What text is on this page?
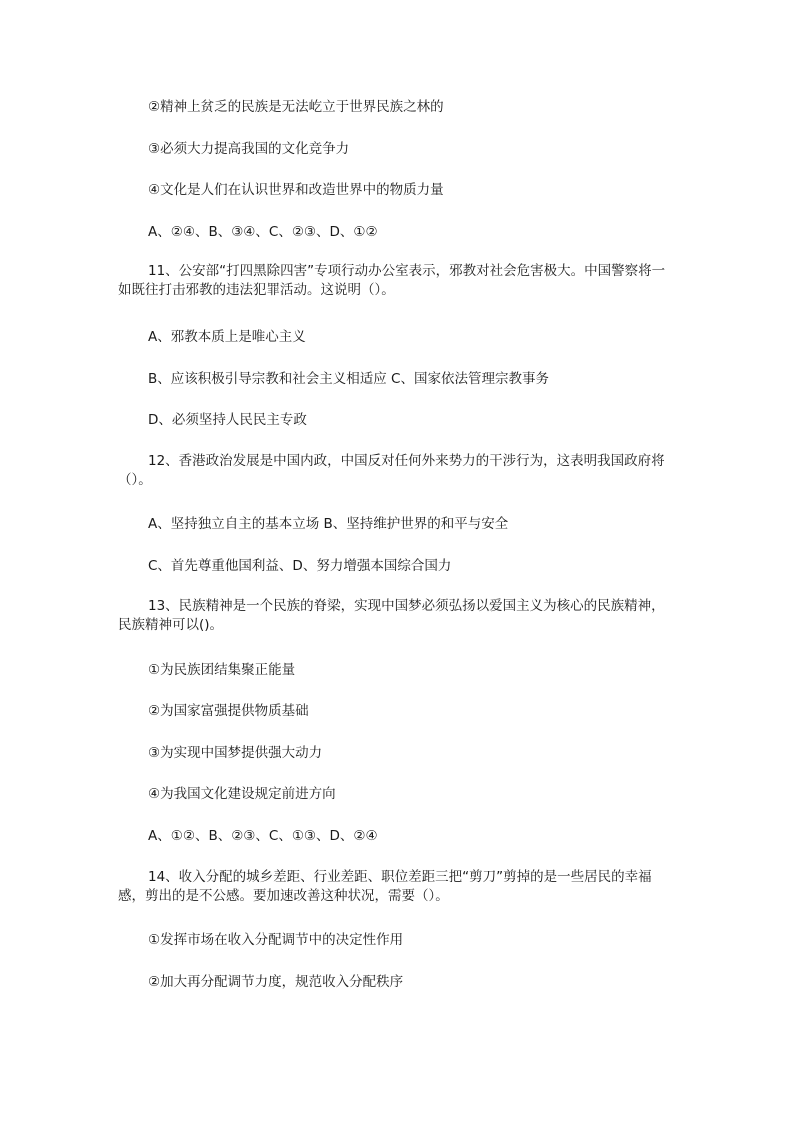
②精神上贫乏的民族是无法屹立于世界民族之林的
③必须大力提高我国的文化竞争力
④文化是人们在认识世界和改造世界中的物质力量
A、②④、B、③④、C、②③、D、①②
11、公安部“打四黑除四害”专项行动办公室表示，邪教对社会危害极大。中国警察将一如既往打击邪教的违法犯罪活动。这说明（）。
A、邪教本质上是唯心主义
B、应该积极引导宗教和社会主义相适应 C、国家依法管理宗教事务
D、必须坚持人民民主专政
12、香港政治发展是中国内政，中国反对任何外来势力的干涉行为，这表明我国政府将（）。
A、坚持独立自主的基本立场 B、坚持维护世界的和平与安全
C、首先尊重他国利益、D、努力增强本国综合国力
13、民族精神是一个民族的脊梁，实现中国梦必须弘扬以爱国主义为核心的民族精神，民族精神可以()。
①为民族团结集聚正能量
②为国家富强提供物质基础
③为实现中国梦提供强大动力
④为我国文化建设规定前进方向
A、①②、B、②③、C、①③、D、②④
14、收入分配的城乡差距、行业差距、职位差距三把“剪刀”剪掉的是一些居民的幸福感，剪出的是不公感。要加速改善这种状况，需要（）。
①发挥市场在收入分配调节中的决定性作用
②加大再分配调节力度，规范收入分配秩序
